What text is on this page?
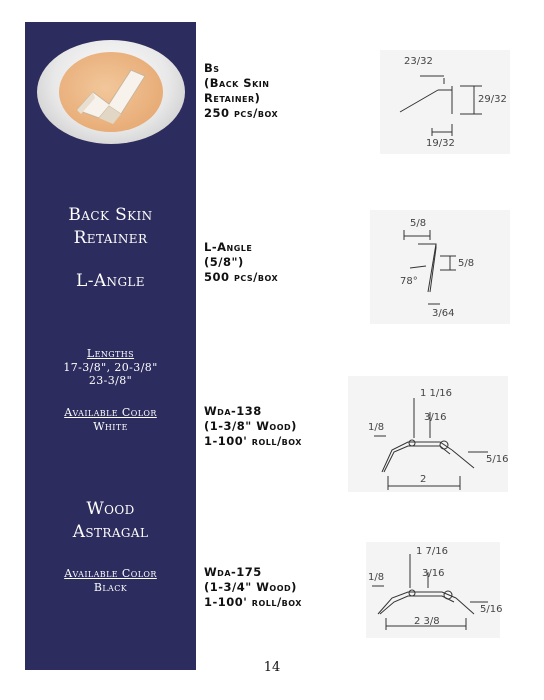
Back Skin
Retainer
L-Angle
Lengths
17-3/8", 20-3/8"
23-3/8"
Available Color
White
Wood
Astragal
Available Color
Black
Bs
(Back Skin
Retainer)
250 pcs/box
L-Angle
(5/8")
500 pcs/box
Wda-138
(1-3/8" Wood)
1-100' roll/box
Wda-175
(1-3/4" Wood)
1-100' roll/box
23/32
29/32
19/32
5/8
5/8
78°
3/64
1 1/16
3/16
1/8
5/16
2
1 7/16
3/16
1/8
5/16
2 3/8
14
